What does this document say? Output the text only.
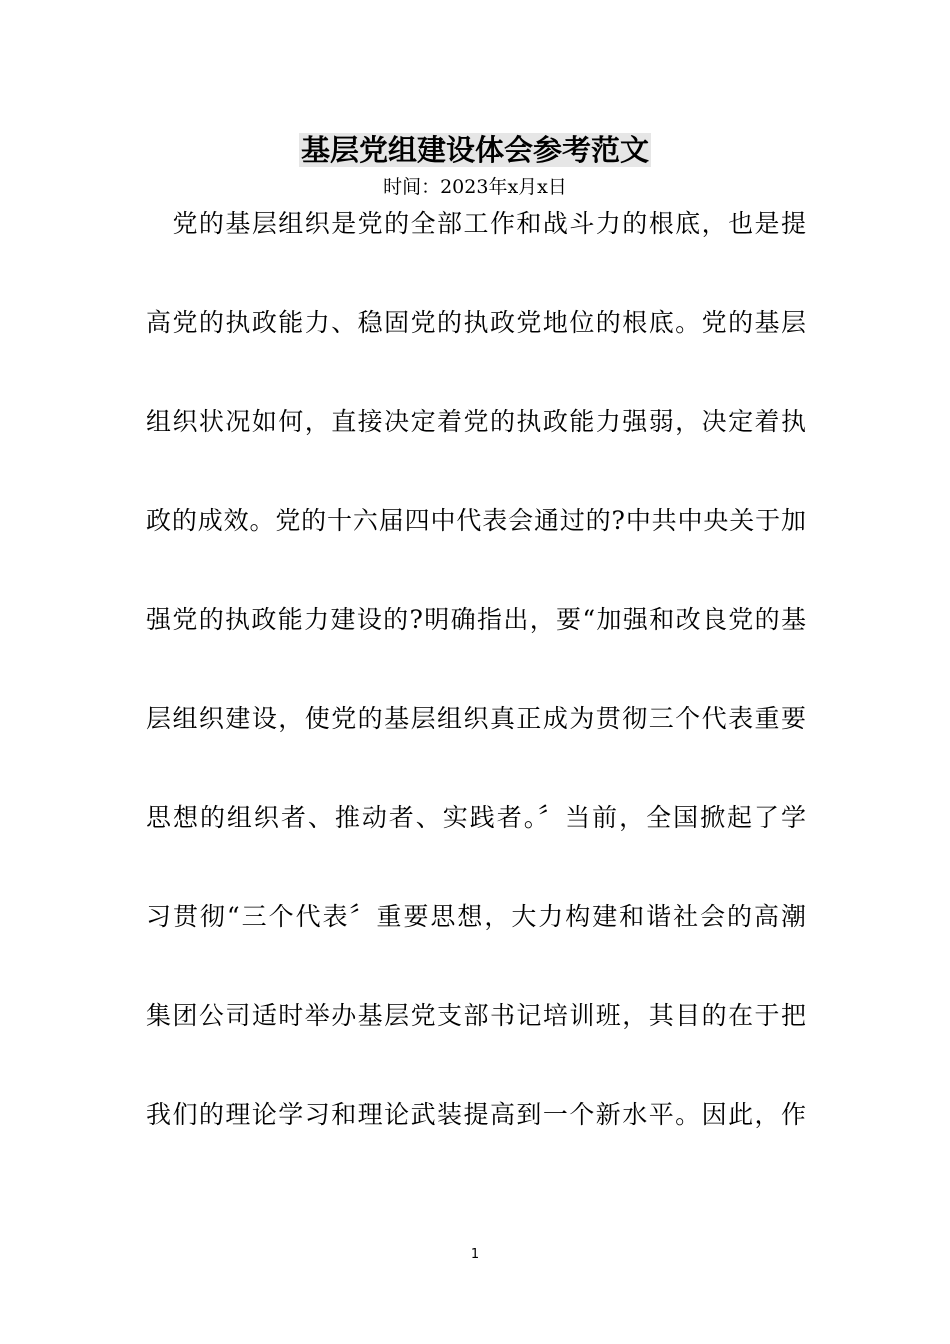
基层党组建设体会参考范文
时间：2023年x月x日
　党的基层组织是党的全部工作和战斗力的根底，也是提
高党的执政能力、稳固党的执政党地位的根底。党的基层
组织状况如何，直接决定着党的执政能力强弱，决定着执
政的成效。党的十六届四中代表会通过的?中共中央关于加
强党的执政能力建设的?明确指出，要“加强和改良党的基
层组织建设，使党的基层组织真正成为贯彻三个代表重要
思想的组织者、推动者、实践者。〞当前，全国掀起了学
习贯彻“三个代表〞重要思想，大力构建和谐社会的高潮
集团公司适时举办基层党支部书记培训班，其目的在于把
我们的理论学习和理论武装提高到一个新水平。因此，作
1
